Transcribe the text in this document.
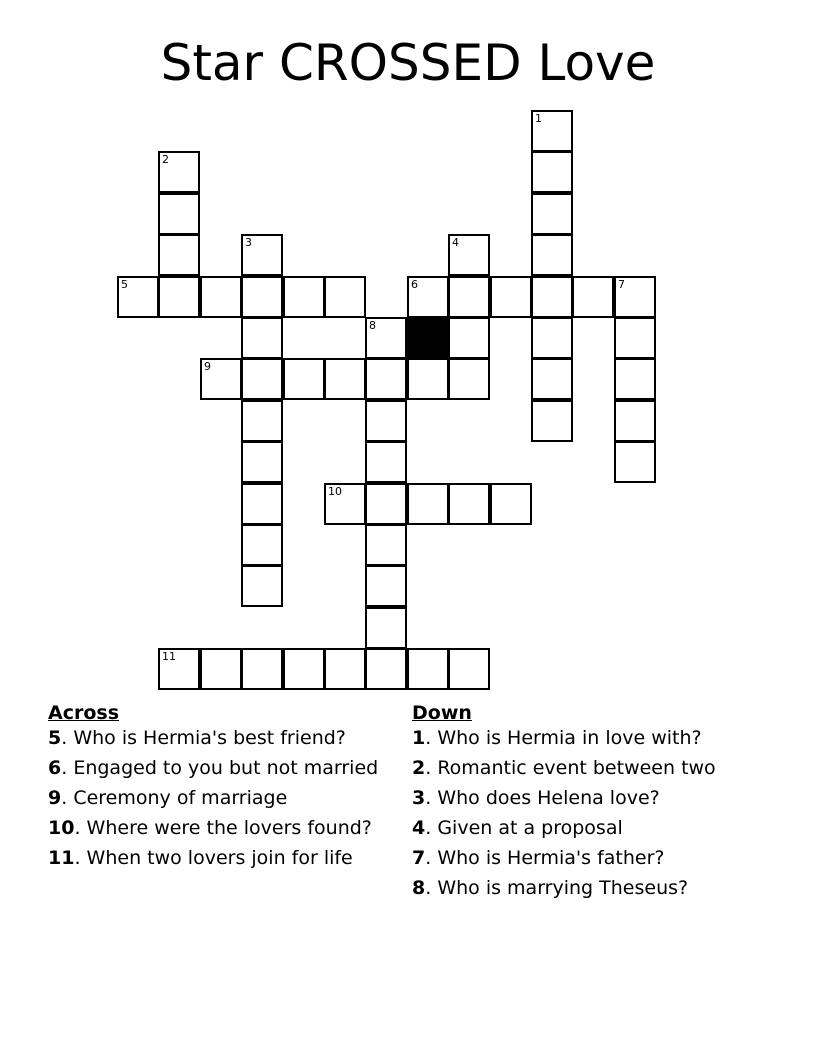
Star CROSSED Love
1
2
3	4
5	6	7
8
9
10
11
Across
5. Who is Hermia's best friend?
6. Engaged to you but not married
9. Ceremony of marriage
10. Where were the lovers found?
11. When two lovers join for life
Down
1. Who is Hermia in love with?
2. Romantic event between two
3. Who does Helena love?
4. Given at a proposal
7. Who is Hermia's father?
8. Who is marrying Theseus?
